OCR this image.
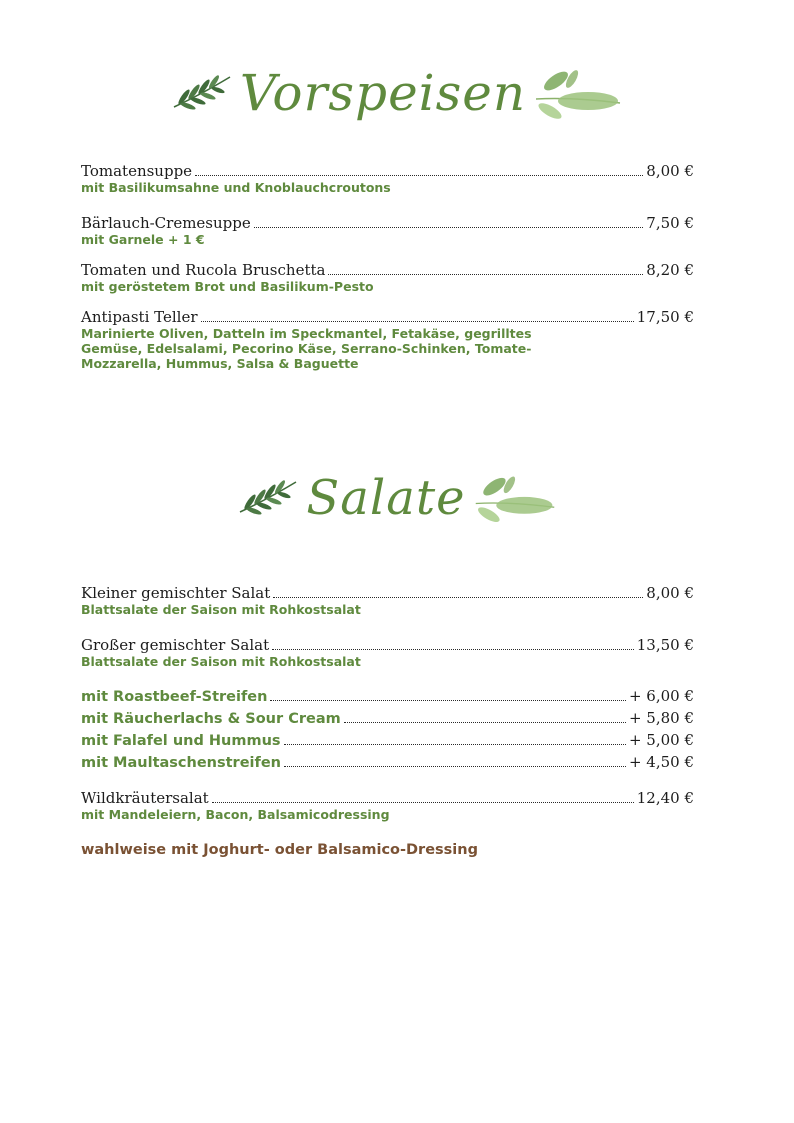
Vorspeisen
Tomatensuppe	8,00 €
mit Basilikumsahne und Knoblauchcroutons
Bärlauch-Cremesuppe	7,50 €
mit Garnele + 1 €
Tomaten und Rucola Bruschetta	8,20 €
mit geröstetem Brot und Basilikum-Pesto
Antipasti Teller	17,50 €
Marinierte Oliven, Datteln im Speckmantel, Fetakäse, gegrilltes
Gemüse, Edelsalami, Pecorino Käse, Serrano-Schinken, Tomate-
Mozzarella, Hummus, Salsa & Baguette
Salate
Kleiner gemischter Salat	8,00 €
Blattsalate der Saison mit Rohkostsalat
Großer gemischter Salat	13,50 €
Blattsalate der Saison mit Rohkostsalat
mit Roastbeef-Streifen	+ 6,00 €
mit Räucherlachs & Sour Cream	+ 5,80 €
mit Falafel und Hummus	+ 5,00 €
mit Maultaschenstreifen	+ 4,50 €
Wildkräutersalat	12,40 €
mit Mandeleiern, Bacon, Balsamicodressing
wahlweise mit Joghurt- oder Balsamico-Dressing
